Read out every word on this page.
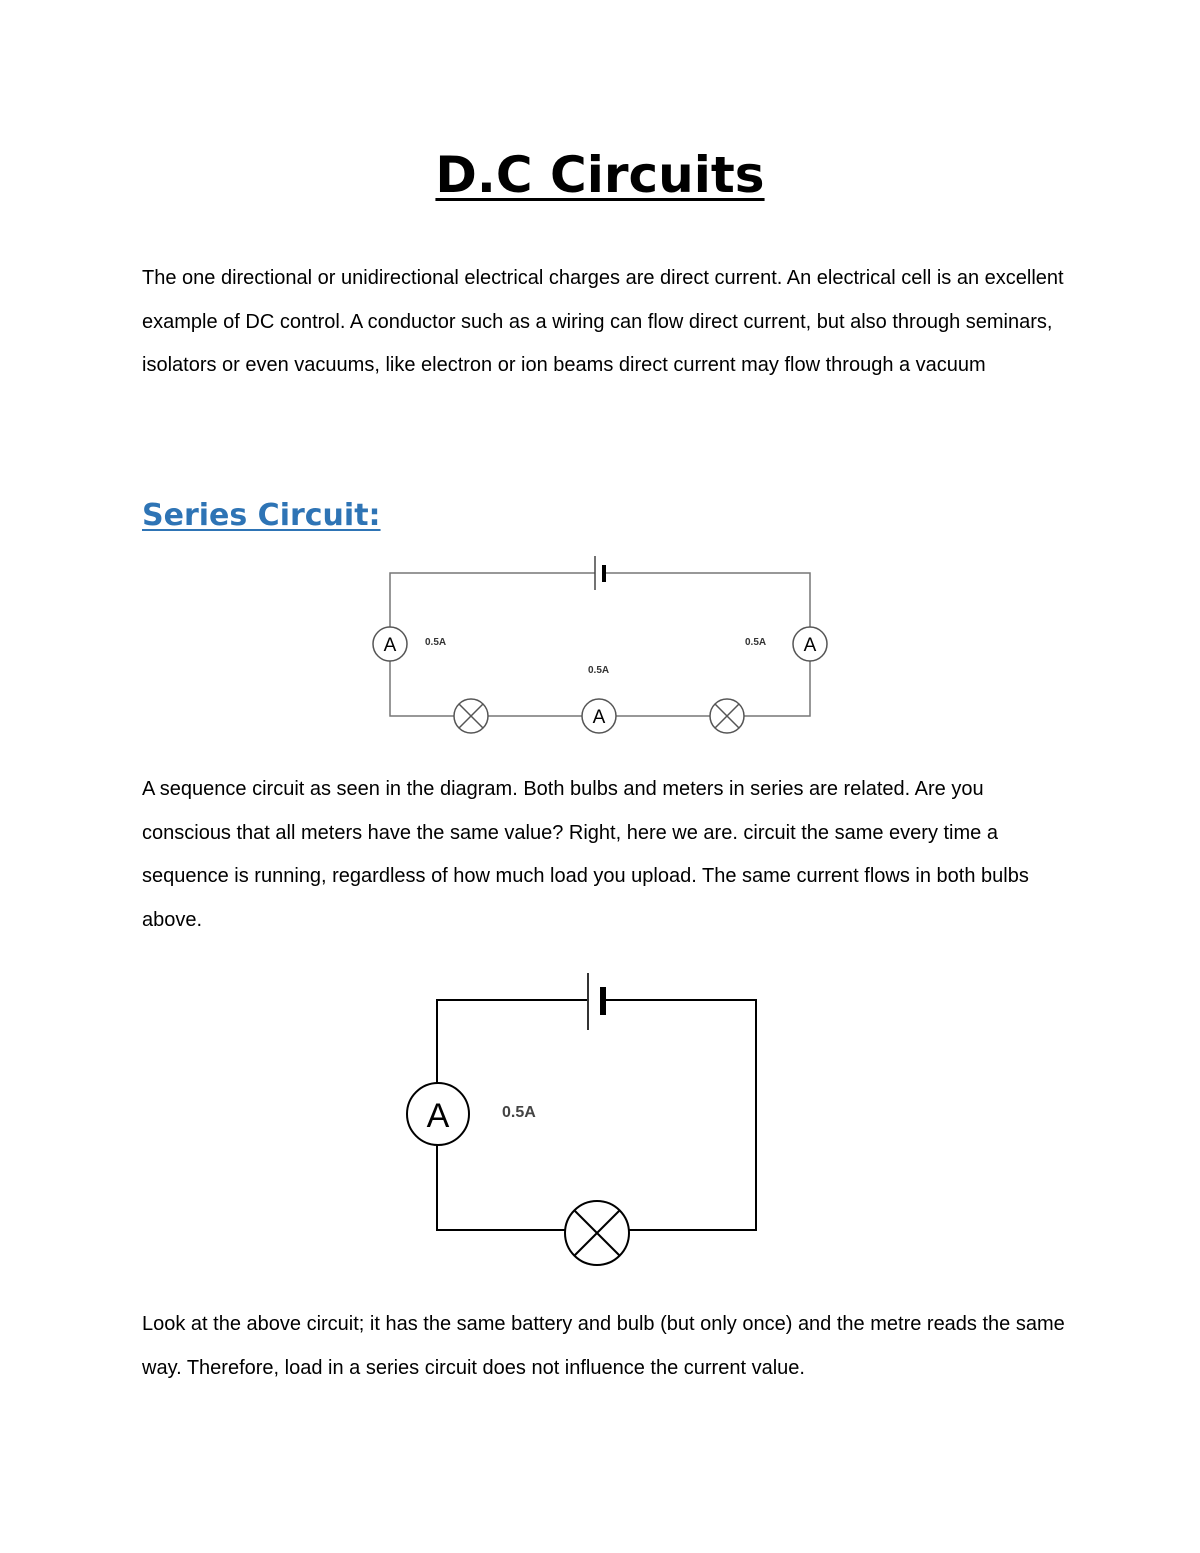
D.C Circuits

The one directional or unidirectional electrical charges are direct current. An electrical cell is an excellent example of DC control. A conductor such as a wiring can flow direct current, but also through seminars, isolators or even vacuums, like electron or ion beams direct current may flow through a vacuum

Series Circuit:
A	0.5A	A
0.5A
0.5A
A

A sequence circuit as seen in the diagram. Both bulbs and meters in series are related. Are you conscious that all meters have the same value? Right, here we are. circuit the same every time a sequence is running, regardless of how much load you upload. The same current flows in both bulbs above.

A	0.5A

Look at the above circuit; it has the same battery and bulb (but only once) and the metre reads the same way. Therefore, load in a series circuit does not influence the current value.
